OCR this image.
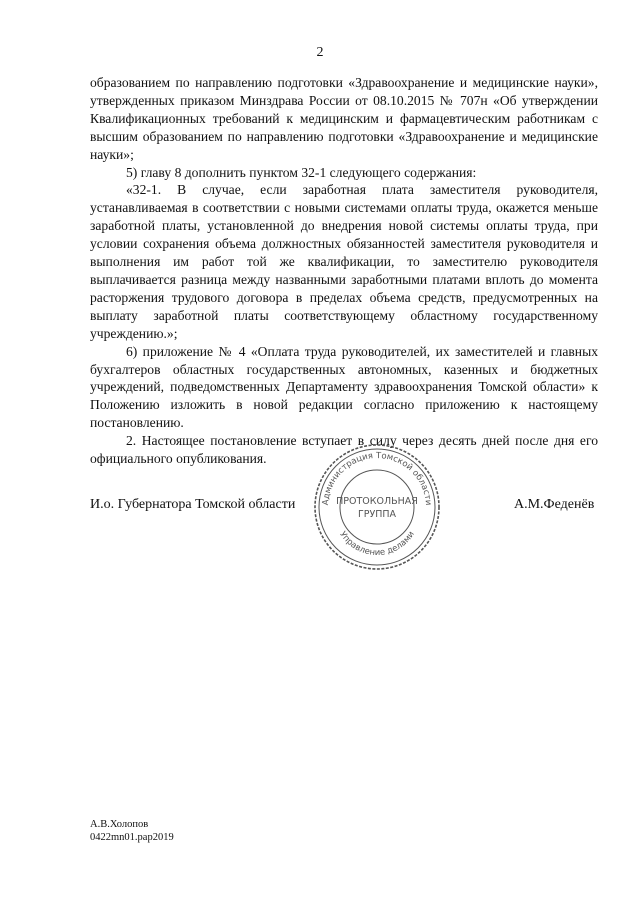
2

образованием по направлению подготовки «Здравоохранение и медицинские науки», утвержденных приказом Минздрава России от 08.10.2015 № 707н «Об утверждении Квалификационных требований к медицинским и фармацевтическим работникам с высшим образованием по направлению подготовки «Здравоохранение и медицинские науки»;

5) главу 8 дополнить пунктом 32-1 следующего содержания:

«32-1. В случае, если заработная плата заместителя руководителя, устанавливаемая в соответствии с новыми системами оплаты труда, окажется меньше заработной платы, установленной до внедрения новой системы оплаты труда, при условии сохранения объема должностных обязанностей заместителя руководителя и выполнения им работ той же квалификации, то заместителю руководителя выплачивается разница между названными заработными платами вплоть до момента расторжения трудового договора в пределах объема средств, предусмотренных на выплату заработной платы соответствующему областному государственному учреждению.»;

6) приложение № 4 «Оплата труда руководителей, их заместителей и главных бухгалтеров областных государственных автономных, казенных и бюджетных учреждений, подведомственных Департаменту здравоохранения Томской области» к Положению изложить в новой редакции согласно приложению к настоящему постановлению.

2. Настоящее постановление вступает в силу через десять дней после дня его официального опубликования.

И.о. Губернатора Томской области	А.М.Феденёв
Администрация Томской области
Управление делами
ПРОТОКОЛЬНАЯ
ГРУППА
А.В.Холопов
0422mn01.pap2019
